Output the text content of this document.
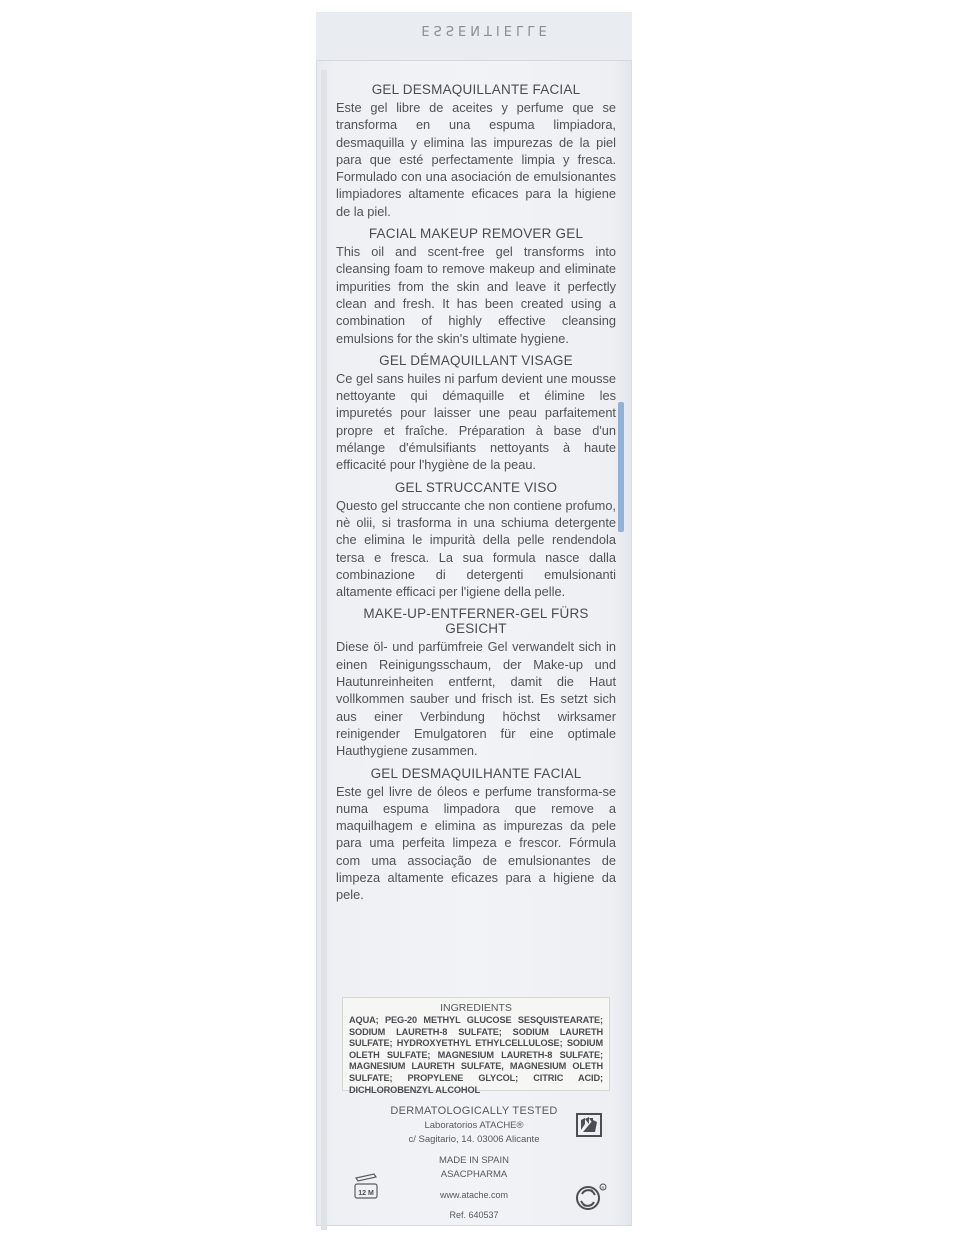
ESSENTIELLE
GEL DESMAQUILLANTE FACIAL

Este gel libre de aceites y perfume que se transforma en una espuma limpiadora, desmaquilla y elimina las impurezas de la piel para que esté perfectamente limpia y fresca. Formulado con una asociación de emulsionantes limpiadores altamente eficaces para la higiene de la piel.

FACIAL MAKEUP REMOVER GEL

This oil and scent-free gel transforms into cleansing foam to remove makeup and eliminate impurities from the skin and leave it perfectly clean and fresh. It has been created using a combination of highly effective cleansing emulsions for the skin's ultimate hygiene.

GEL DÉMAQUILLANT VISAGE

Ce gel sans huiles ni parfum devient une mousse nettoyante qui démaquille et élimine les impuretés pour laisser une peau parfaitement propre et fraîche. Préparation à base d'un mélange d'émulsifiants nettoyants à haute efficacité pour l'hygiène de la peau.

GEL STRUCCANTE VISO

Questo gel struccante che non contiene profumo, nè olii, si trasforma in una schiuma detergente che elimina le impurità della pelle rendendola tersa e fresca. La sua formula nasce dalla combinazione di detergenti emulsionanti altamente efficaci per l'igiene della pelle.

MAKE-UP-ENTFERNER-GEL FÜRS GESICHT

Diese öl- und parfümfreie Gel verwandelt sich in einen Reinigungsschaum, der Make-up und Hautunreinheiten entfernt, damit die Haut vollkommen sauber und frisch ist. Es setzt sich aus einer Verbindung höchst wirksamer reinigender Emulgatoren für eine optimale Hauthygiene zusammen.

GEL DESMAQUILHANTE FACIAL

Este gel livre de óleos e perfume transforma-se numa espuma limpadora que remove a maquilhagem e elimina as impurezas da pele para uma perfeita limpeza e frescor. Fórmula com uma associação de emulsionantes de limpeza altamente eficazes para a higiene da pele.

INGREDIENTS

AQUA; PEG-20 METHYL GLUCOSE SESQUISTEARATE; SODIUM LAURETH-8 SULFATE; SODIUM LAURETH SULFATE; HYDROXYETHYL ETHYLCELLULOSE; SODIUM OLETH SULFATE; MAGNESIUM LAURETH-8 SULFATE; MAGNESIUM LAURETH SULFATE, MAGNESIUM OLETH SULFATE; PROPYLENE GLYCOL; CITRIC ACID; DICHLOROBENZYL ALCOHOL

DERMATOLOGICALLY TESTED
Laboratorios ATACHE®
c/ Sagitario, 14. 03006 Alicante
MADE IN SPAIN
ASACPHARMA
www.atache.com
Ref. 640537
12 M
R
